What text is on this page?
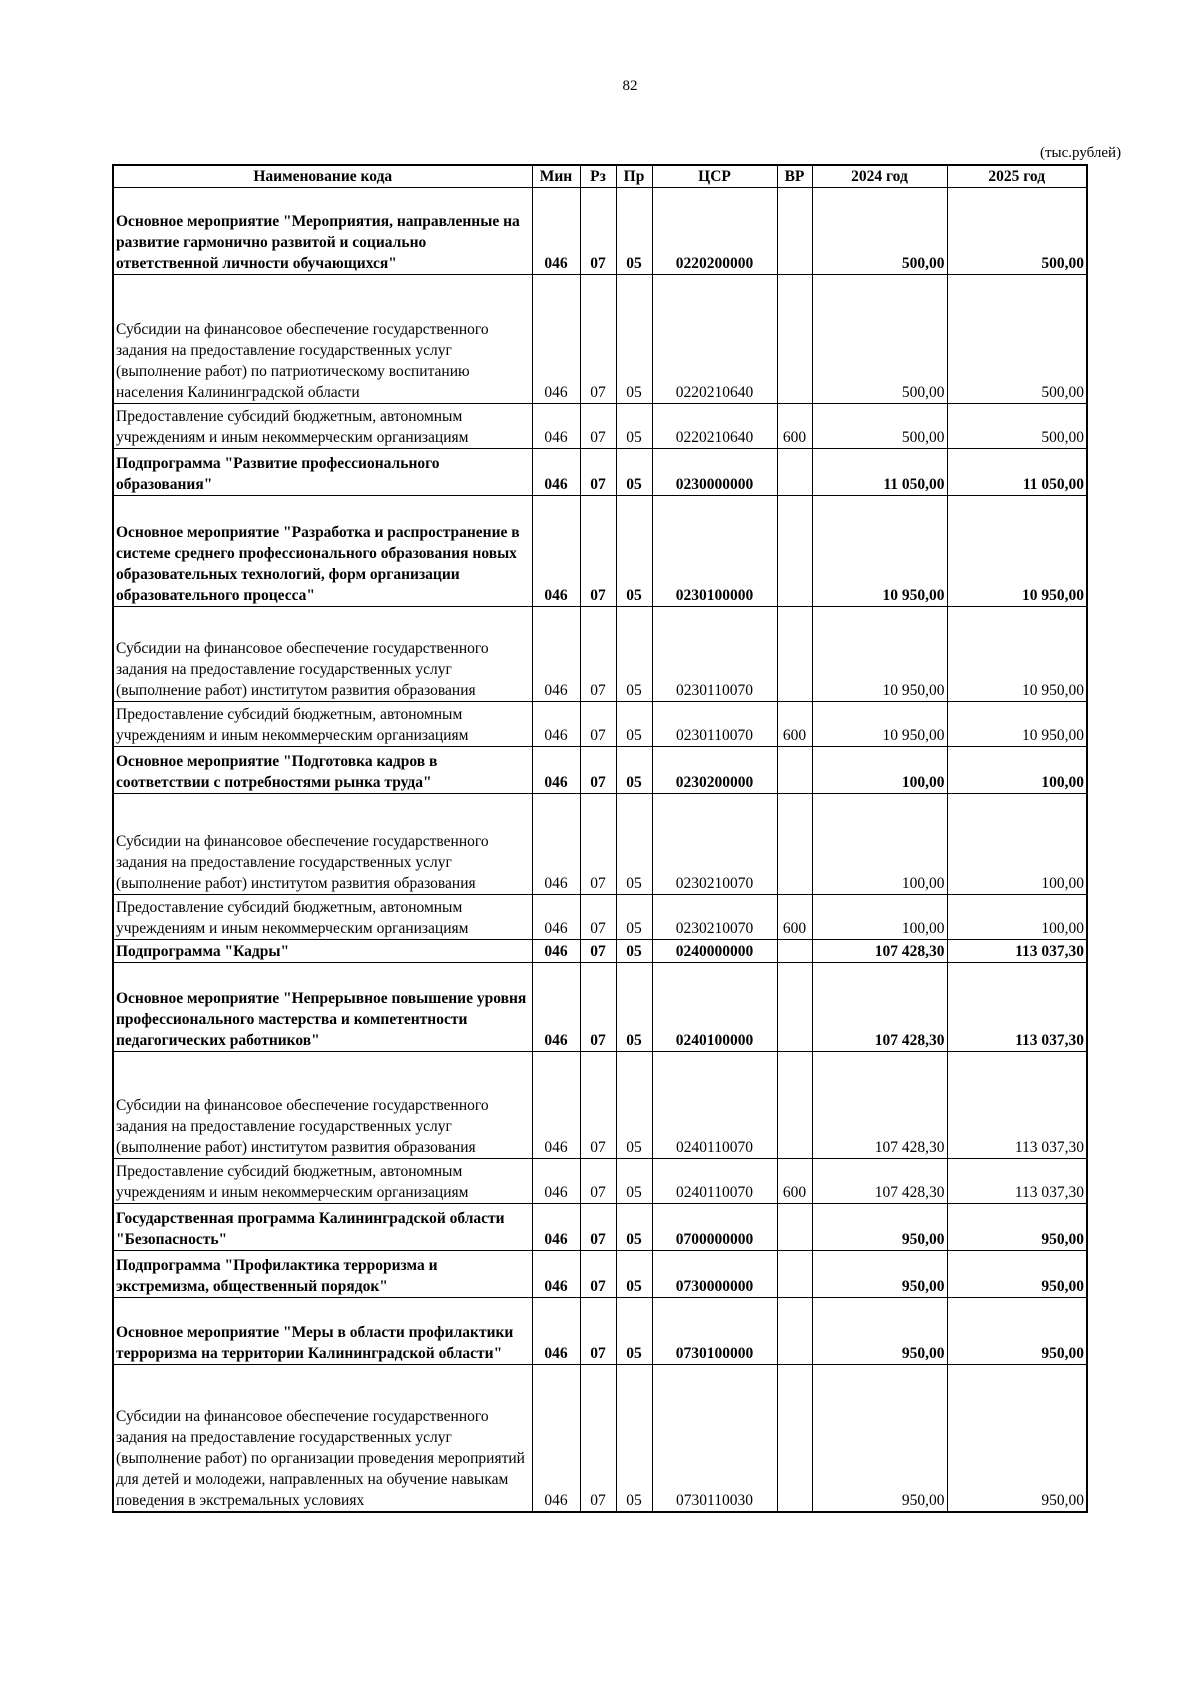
82
(тыс.рублей)
Наименование кода	Мин	Рз	Пр	ЦСР	ВР	2024 год	2025 год
Основное мероприятие "Мероприятия, направленные на развитие гармонично развитой и социально ответственной личности обучающихся"	046	07	05	0220200000		500,00	500,00
Субсидии на финансовое обеспечение государственного задания на предоставление государственных услуг (выполнение работ) по патриотическому воспитанию населения Калининградской области	046	07	05	0220210640		500,00	500,00
Предоставление субсидий бюджетным, автономным учреждениям и иным некоммерческим организациям	046	07	05	0220210640	600	500,00	500,00
Подпрограмма "Развитие профессионального образования"	046	07	05	0230000000		11 050,00	11 050,00
Основное мероприятие "Разработка и распространение в системе среднего профессионального образования новых образовательных технологий, форм организации образовательного процесса"	046	07	05	0230100000		10 950,00	10 950,00
Субсидии на финансовое обеспечение государственного задания на предоставление государственных услуг (выполнение работ) институтом развития образования	046	07	05	0230110070		10 950,00	10 950,00
Предоставление субсидий бюджетным, автономным учреждениям и иным некоммерческим организациям	046	07	05	0230110070	600	10 950,00	10 950,00
Основное мероприятие "Подготовка кадров в соответствии с потребностями рынка труда"	046	07	05	0230200000		100,00	100,00
Субсидии на финансовое обеспечение государственного задания на предоставление государственных услуг (выполнение работ) институтом развития образования	046	07	05	0230210070		100,00	100,00
Предоставление субсидий бюджетным, автономным учреждениям и иным некоммерческим организациям	046	07	05	0230210070	600	100,00	100,00
Подпрограмма "Кадры"	046	07	05	0240000000		107 428,30	113 037,30
Основное мероприятие "Непрерывное повышение уровня профессионального мастерства и компетентности педагогических работников"	046	07	05	0240100000		107 428,30	113 037,30
Субсидии на финансовое обеспечение государственного задания на предоставление государственных услуг (выполнение работ) институтом развития образования	046	07	05	0240110070		107 428,30	113 037,30
Предоставление субсидий бюджетным, автономным учреждениям и иным некоммерческим организациям	046	07	05	0240110070	600	107 428,30	113 037,30
Государственная программа Калининградской области "Безопасность"	046	07	05	0700000000		950,00	950,00
Подпрограмма "Профилактика терроризма и экстремизма, общественный порядок"	046	07	05	0730000000		950,00	950,00
Основное мероприятие "Меры в области профилактики терроризма на территории Калининградской области"	046	07	05	0730100000		950,00	950,00
Субсидии на финансовое обеспечение государственного задания на предоставление государственных услуг (выполнение работ) по организации проведения мероприятий для детей и молодежи, направленных на обучение навыкам поведения в экстремальных условиях	046	07	05	0730110030		950,00	950,00
